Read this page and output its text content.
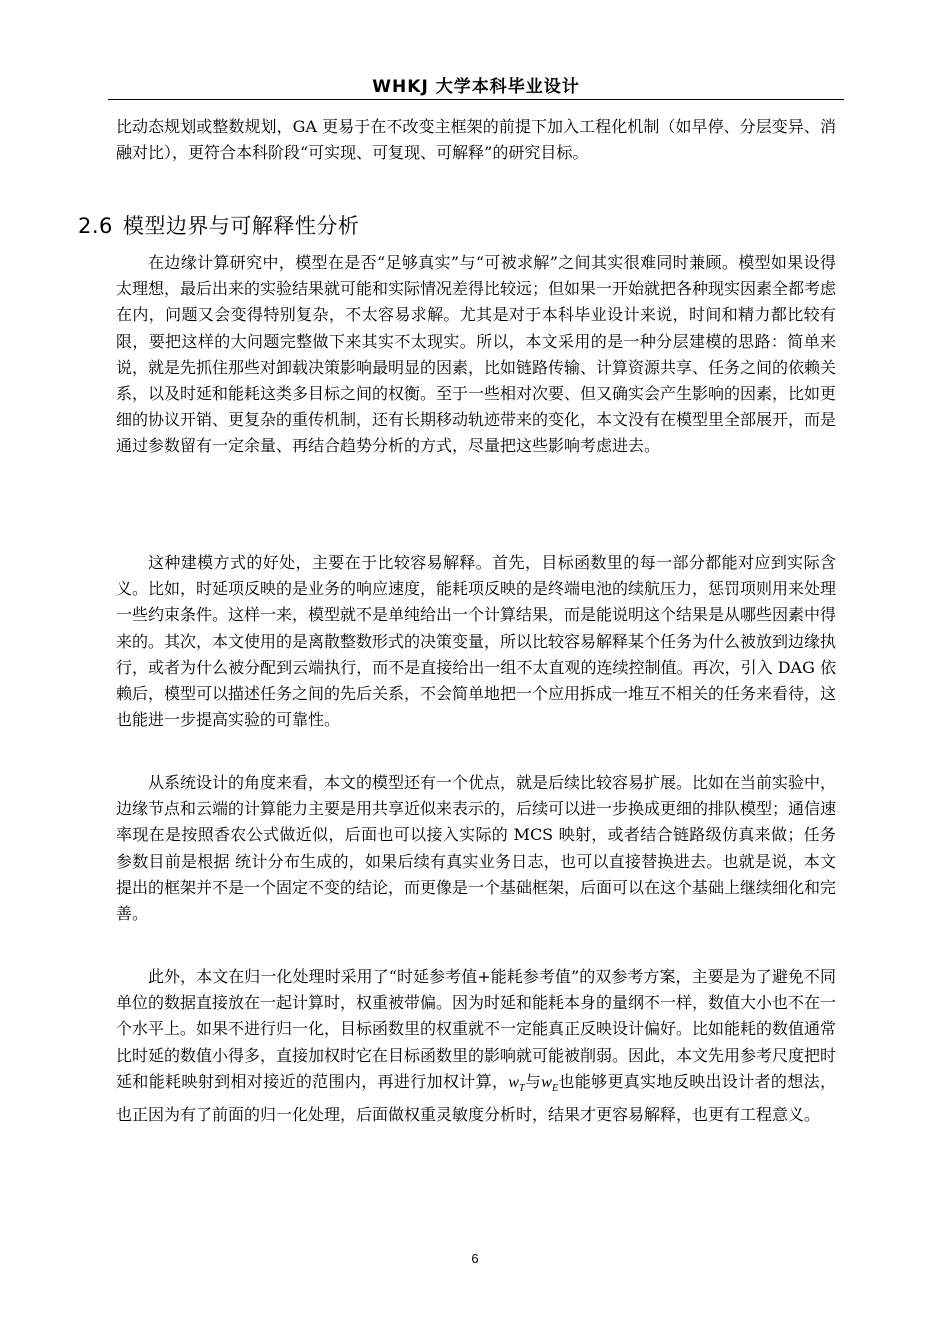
WHKJ 大学本科毕业设计

比动态规划或整数规划，GA 更易于在不改变主框架的前提下加入工程化机制（如早停、分层变异、消融对比），更符合本科阶段“可实现、可复现、可解释”的研究目标。

2.6 模型边界与可解释性分析

在边缘计算研究中，模型在是否“足够真实”与“可被求解”之间其实很难同时兼顾。模型如果设得太理想，最后出来的实验结果就可能和实际情况差得比较远；但如果一开始就把各种现实因素全都考虑在内，问题又会变得特别复杂，不太容易求解。尤其是对于本科毕业设计来说，时间和精力都比较有限，要把这样的大问题完整做下来其实不太现实。所以，本文采用的是一种分层建模的思路：简单来说，就是先抓住那些对卸载决策影响最明显的因素，比如链路传输、计算资源共享、任务之间的依赖关系，以及时延和能耗这类多目标之间的权衡。至于一些相对次要、但又确实会产生影响的因素，比如更细的协议开销、更复杂的重传机制，还有长期移动轨迹带来的变化，本文没有在模型里全部展开，而是通过参数留有一定余量、再结合趋势分析的方式，尽量把这些影响考虑进去。

这种建模方式的好处，主要在于比较容易解释。首先，目标函数里的每一部分都能对应到实际含义。比如，时延项反映的是业务的响应速度，能耗项反映的是终端电池的续航压力，惩罚项则用来处理一些约束条件。这样一来，模型就不是单纯给出一个计算结果，而是能说明这个结果是从哪些因素中得来的。其次，本文使用的是离散整数形式的决策变量，所以比较容易解释某个任务为什么被放到边缘执行，或者为什么被分配到云端执行，而不是直接给出一组不太直观的连续控制值。再次，引入 DAG 依赖后，模型可以描述任务之间的先后关系，不会简单地把一个应用拆成一堆互不相关的任务来看待，这也能进一步提高实验的可靠性。

从系统设计的角度来看，本文的模型还有一个优点，就是后续比较容易扩展。比如在当前实验中，边缘节点和云端的计算能力主要是用共享近似来表示的，后续可以进一步换成更细的排队模型；通信速率现在是按照香农公式做近似，后面也可以接入实际的 MCS 映射，或者结合链路级仿真来做；任务参数目前是根据 统计分布生成的，如果后续有真实业务日志，也可以直接替换进去。也就是说，本文提出的框架并不是一个固定不变的结论，而更像是一个基础框架，后面可以在这个基础上继续细化和完善。

此外，本文在归一化处理时采用了“时延参考值+能耗参考值”的双参考方案，主要是为了避免不同单位的数据直接放在一起计算时，权重被带偏。因为时延和能耗本身的量纲不一样，数值大小也不在一个水平上。如果不进行归一化，目标函数里的权重就不一定能真正反映设计偏好。比如能耗的数值通常比时延的数值小得多，直接加权时它在目标函数里的影响就可能被削弱。因此，本文先用参考尺度把时延和能耗映射到相对接近的范围内，再进行加权计算，$w_T$与$w_E$也能够更真实地反映出设计者的想法，也正因为有了前面的归一化处理，后面做权重灵敏度分析时，结果才更容易解释，也更有工程意义。

6
